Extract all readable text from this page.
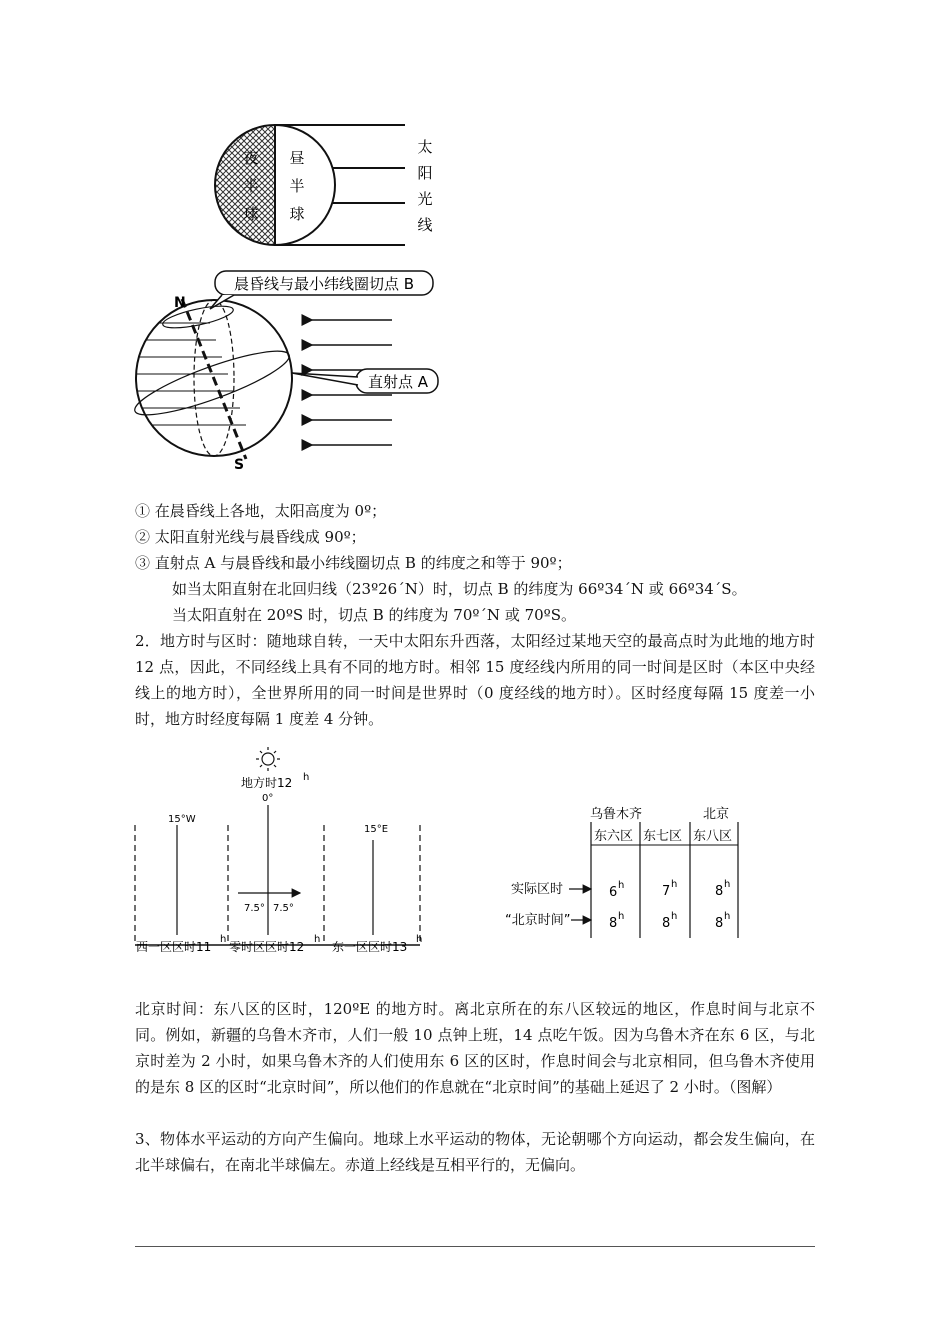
夜
半
球
昼
半
球
太
阳
光
线
N
S
晨昏线与最小纬线圈切点 B
直射点 A
① 在晨昏线上各地，太阳高度为 0º；
② 太阳直射光线与晨昏线成 90º；
③ 直射点 A 与晨昏线和最小纬线圈切点 B 的纬度之和等于 90º；
如当太阳直射在北回归线（23º26´N）时，切点 B 的纬度为 66º34´N 或 66º34´S。
当太阳直射在 20ºS 时，切点 B 的纬度为 70º´N 或 70ºS。
2．地方时与区时：随地球自转，一天中太阳东升西落，太阳经过某地天空的最高点时为此地的地方时 12 点，因此，不同经线上具有不同的地方时。相邻 15 度经线内所用的同一时间是区时（本区中央经线上的地方时），全世界所用的同一时间是世界时（0 度经线的地方时）。区时经度每隔 15 度差一小时，地方时经度每隔 1 度差 4 分钟。
地方时12 h
0°
15°W
15°E
7.5° 7.5°
西一区区时11 零时区区时12 东一区区时13
h	h	h
乌鲁木齐	北京
东六区 东七区 东八区
实际区时
“北京时间”
6 h	7 h	8 h
8 h	8 h	8 h
北京时间：东八区的区时，120ºE 的地方时。离北京所在的东八区较远的地区，作息时间与北京不同。例如，新疆的乌鲁木齐市，人们一般 10 点钟上班，14 点吃午饭。因为乌鲁木齐在东 6 区，与北京时差为 2 小时，如果乌鲁木齐的人们使用东 6 区的区时，作息时间会与北京相同，但乌鲁木齐使用的是东 8 区的区时“北京时间”，所以他们的作息就在“北京时间”的基础上延迟了 2 小时。（图解）
3、物体水平运动的方向产生偏向。地球上水平运动的物体，无论朝哪个方向运动，都会发生偏向，在北半球偏右，在南北半球偏左。赤道上经线是互相平行的，无偏向。
